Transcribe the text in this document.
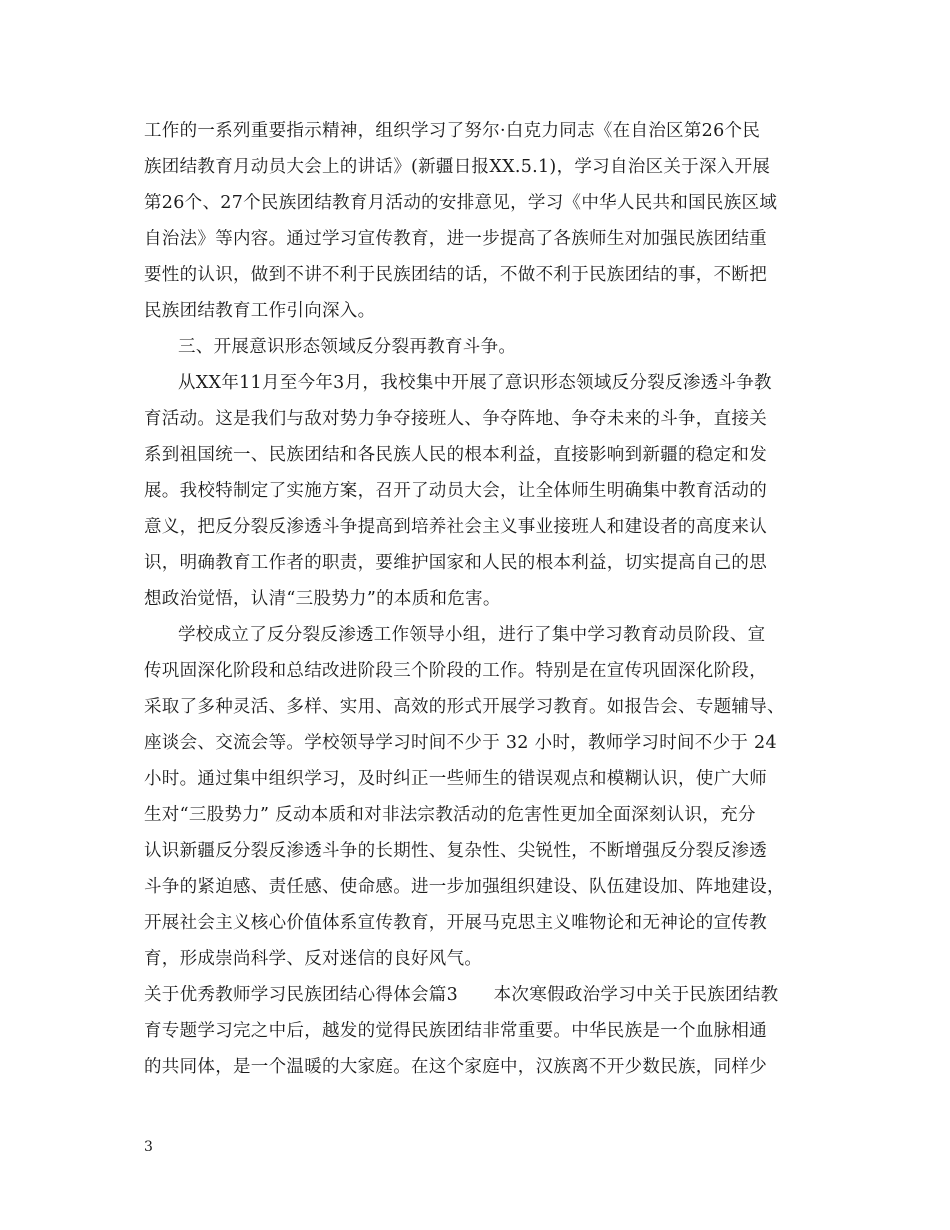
工作的一系列重要指示精神，组织学习了努尔·白克力同志《在自治区第26个民
族团结教育月动员大会上的讲话》(新疆日报XX.5.1)，学习自治区关于深入开展
第26个、27个民族团结教育月活动的安排意见，学习《中华人民共和国民族区域
自治法》等内容。通过学习宣传教育，进一步提高了各族师生对加强民族团结重
要性的认识，做到不讲不利于民族团结的话，不做不利于民族团结的事，不断把
民族团结教育工作引向深入。
三、开展意识形态领域反分裂再教育斗争。
从XX年11月至今年3月，我校集中开展了意识形态领域反分裂反渗透斗争教
育活动。这是我们与敌对势力争夺接班人、争夺阵地、争夺未来的斗争，直接关
系到祖国统一、民族团结和各民族人民的根本利益，直接影响到新疆的稳定和发
展。我校特制定了实施方案，召开了动员大会，让全体师生明确集中教育活动的
意义，把反分裂反渗透斗争提高到培养社会主义事业接班人和建设者的高度来认
识，明确教育工作者的职责，要维护国家和人民的根本利益，切实提高自己的思
想政治觉悟，认清“三股势力”的本质和危害。
学校成立了反分裂反渗透工作领导小组，进行了集中学习教育动员阶段、宣
传巩固深化阶段和总结改进阶段三个阶段的工作。特别是在宣传巩固深化阶段，
采取了多种灵活、多样、实用、高效的形式开展学习教育。如报告会、专题辅导、
座谈会、交流会等。学校领导学习时间不少于 32 小时，教师学习时间不少于 24
小时。通过集中组织学习，及时纠正一些师生的错误观点和模糊认识，使广大师
生对“三股势力” 反动本质和对非法宗教活动的危害性更加全面深刻认识，充分
认识新疆反分裂反渗透斗争的长期性、复杂性、尖锐性，不断增强反分裂反渗透
斗争的紧迫感、责任感、使命感。进一步加强组织建设、队伍建设加、阵地建设，
开展社会主义核心价值体系宣传教育，开展马克思主义唯物论和无神论的宣传教
育，形成崇尚科学、反对迷信的良好风气。
关于优秀教师学习民族团结心得体会篇3　　本次寒假政治学习中关于民族团结教
育专题学习完之中后，越发的觉得民族团结非常重要。中华民族是一个血脉相通
的共同体，是一个温暖的大家庭。在这个家庭中，汉族离不开少数民族，同样少
3
